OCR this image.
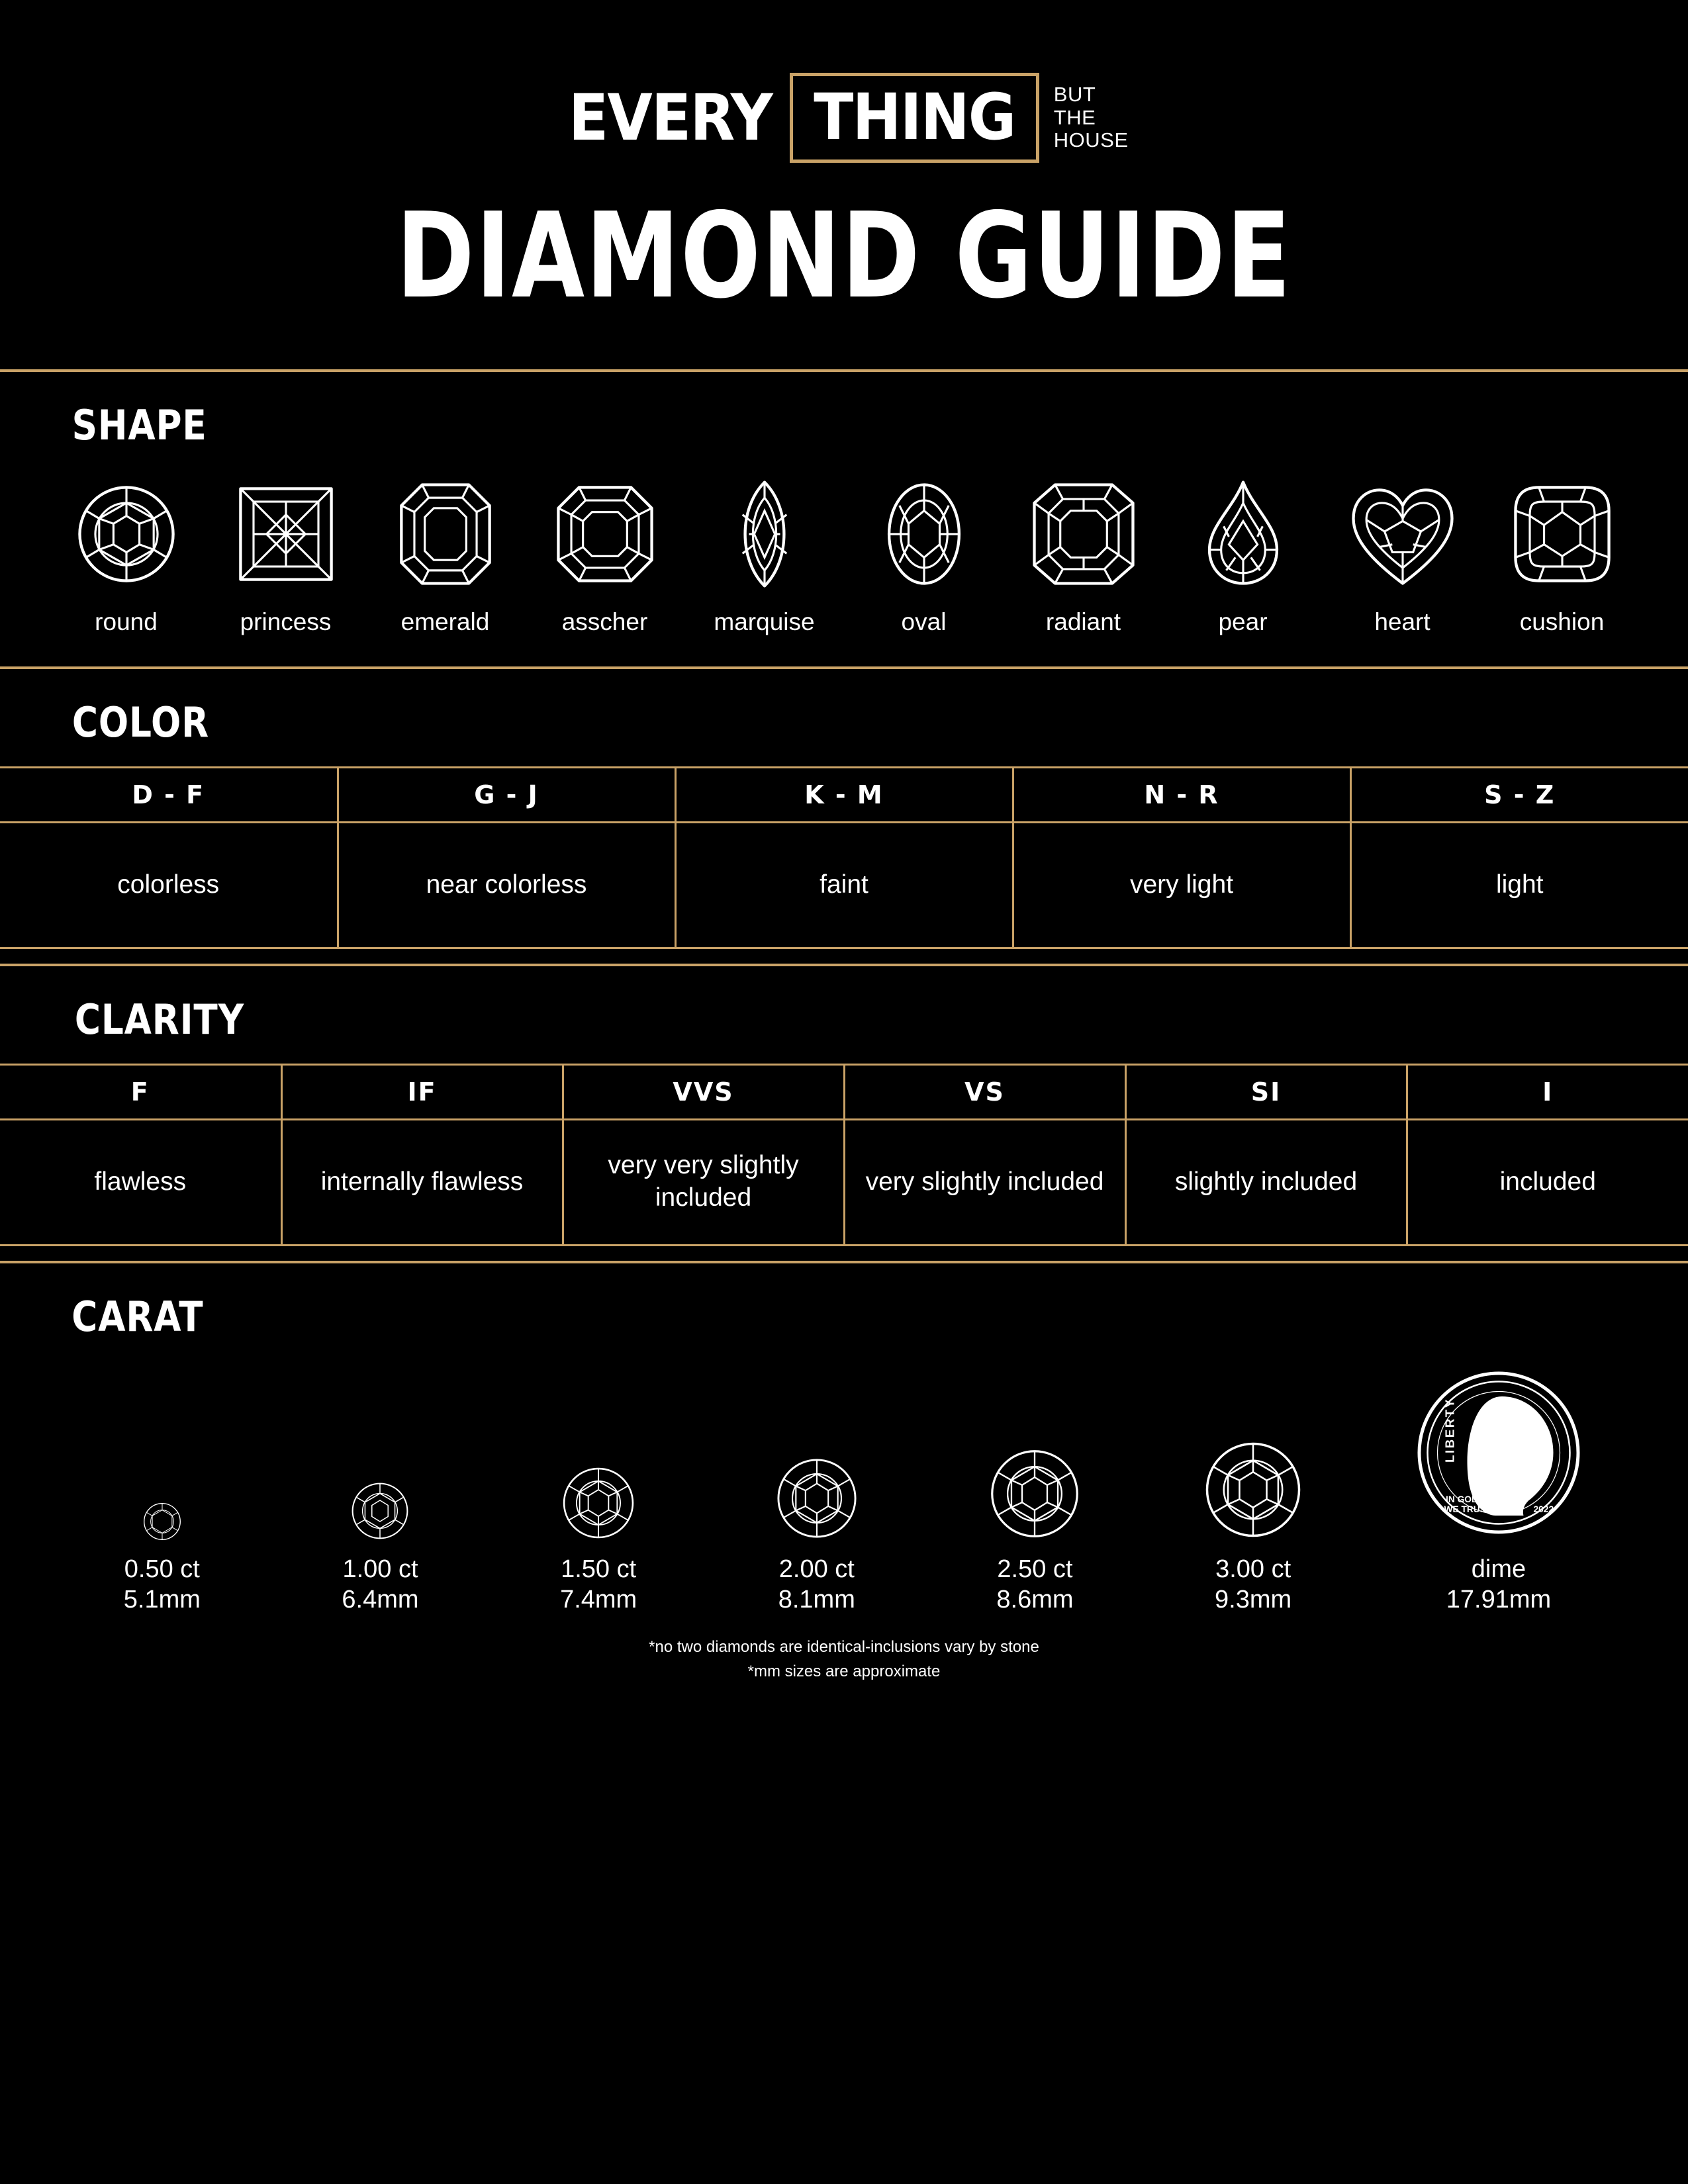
EVERY THING BUT
THE
HOUSE
DIAMOND GUIDE
SHAPE
round	princess	emerald	asscher	marquise	oval	radiant	pear	heart	cushion
COLOR
D - F	G - J	K - M	N - R	S - Z
colorless	near colorless	faint	very light	light
CLARITY
F	IF	VVS	VS	SI	I
flawless	internally flawless	very very slightly included	very slightly included	slightly included	included
CARAT
0.50 ct
5.1mm
1.00 ct
6.4mm
1.50 ct
7.4mm
2.00 ct
8.1mm
2.50 ct
8.6mm
3.00 ct
9.3mm
LIBERTY
IN GOD
WE TRUST	2022
dime
17.91mm
*no two diamonds are identical-inclusions vary by stone
*mm sizes are approximate
